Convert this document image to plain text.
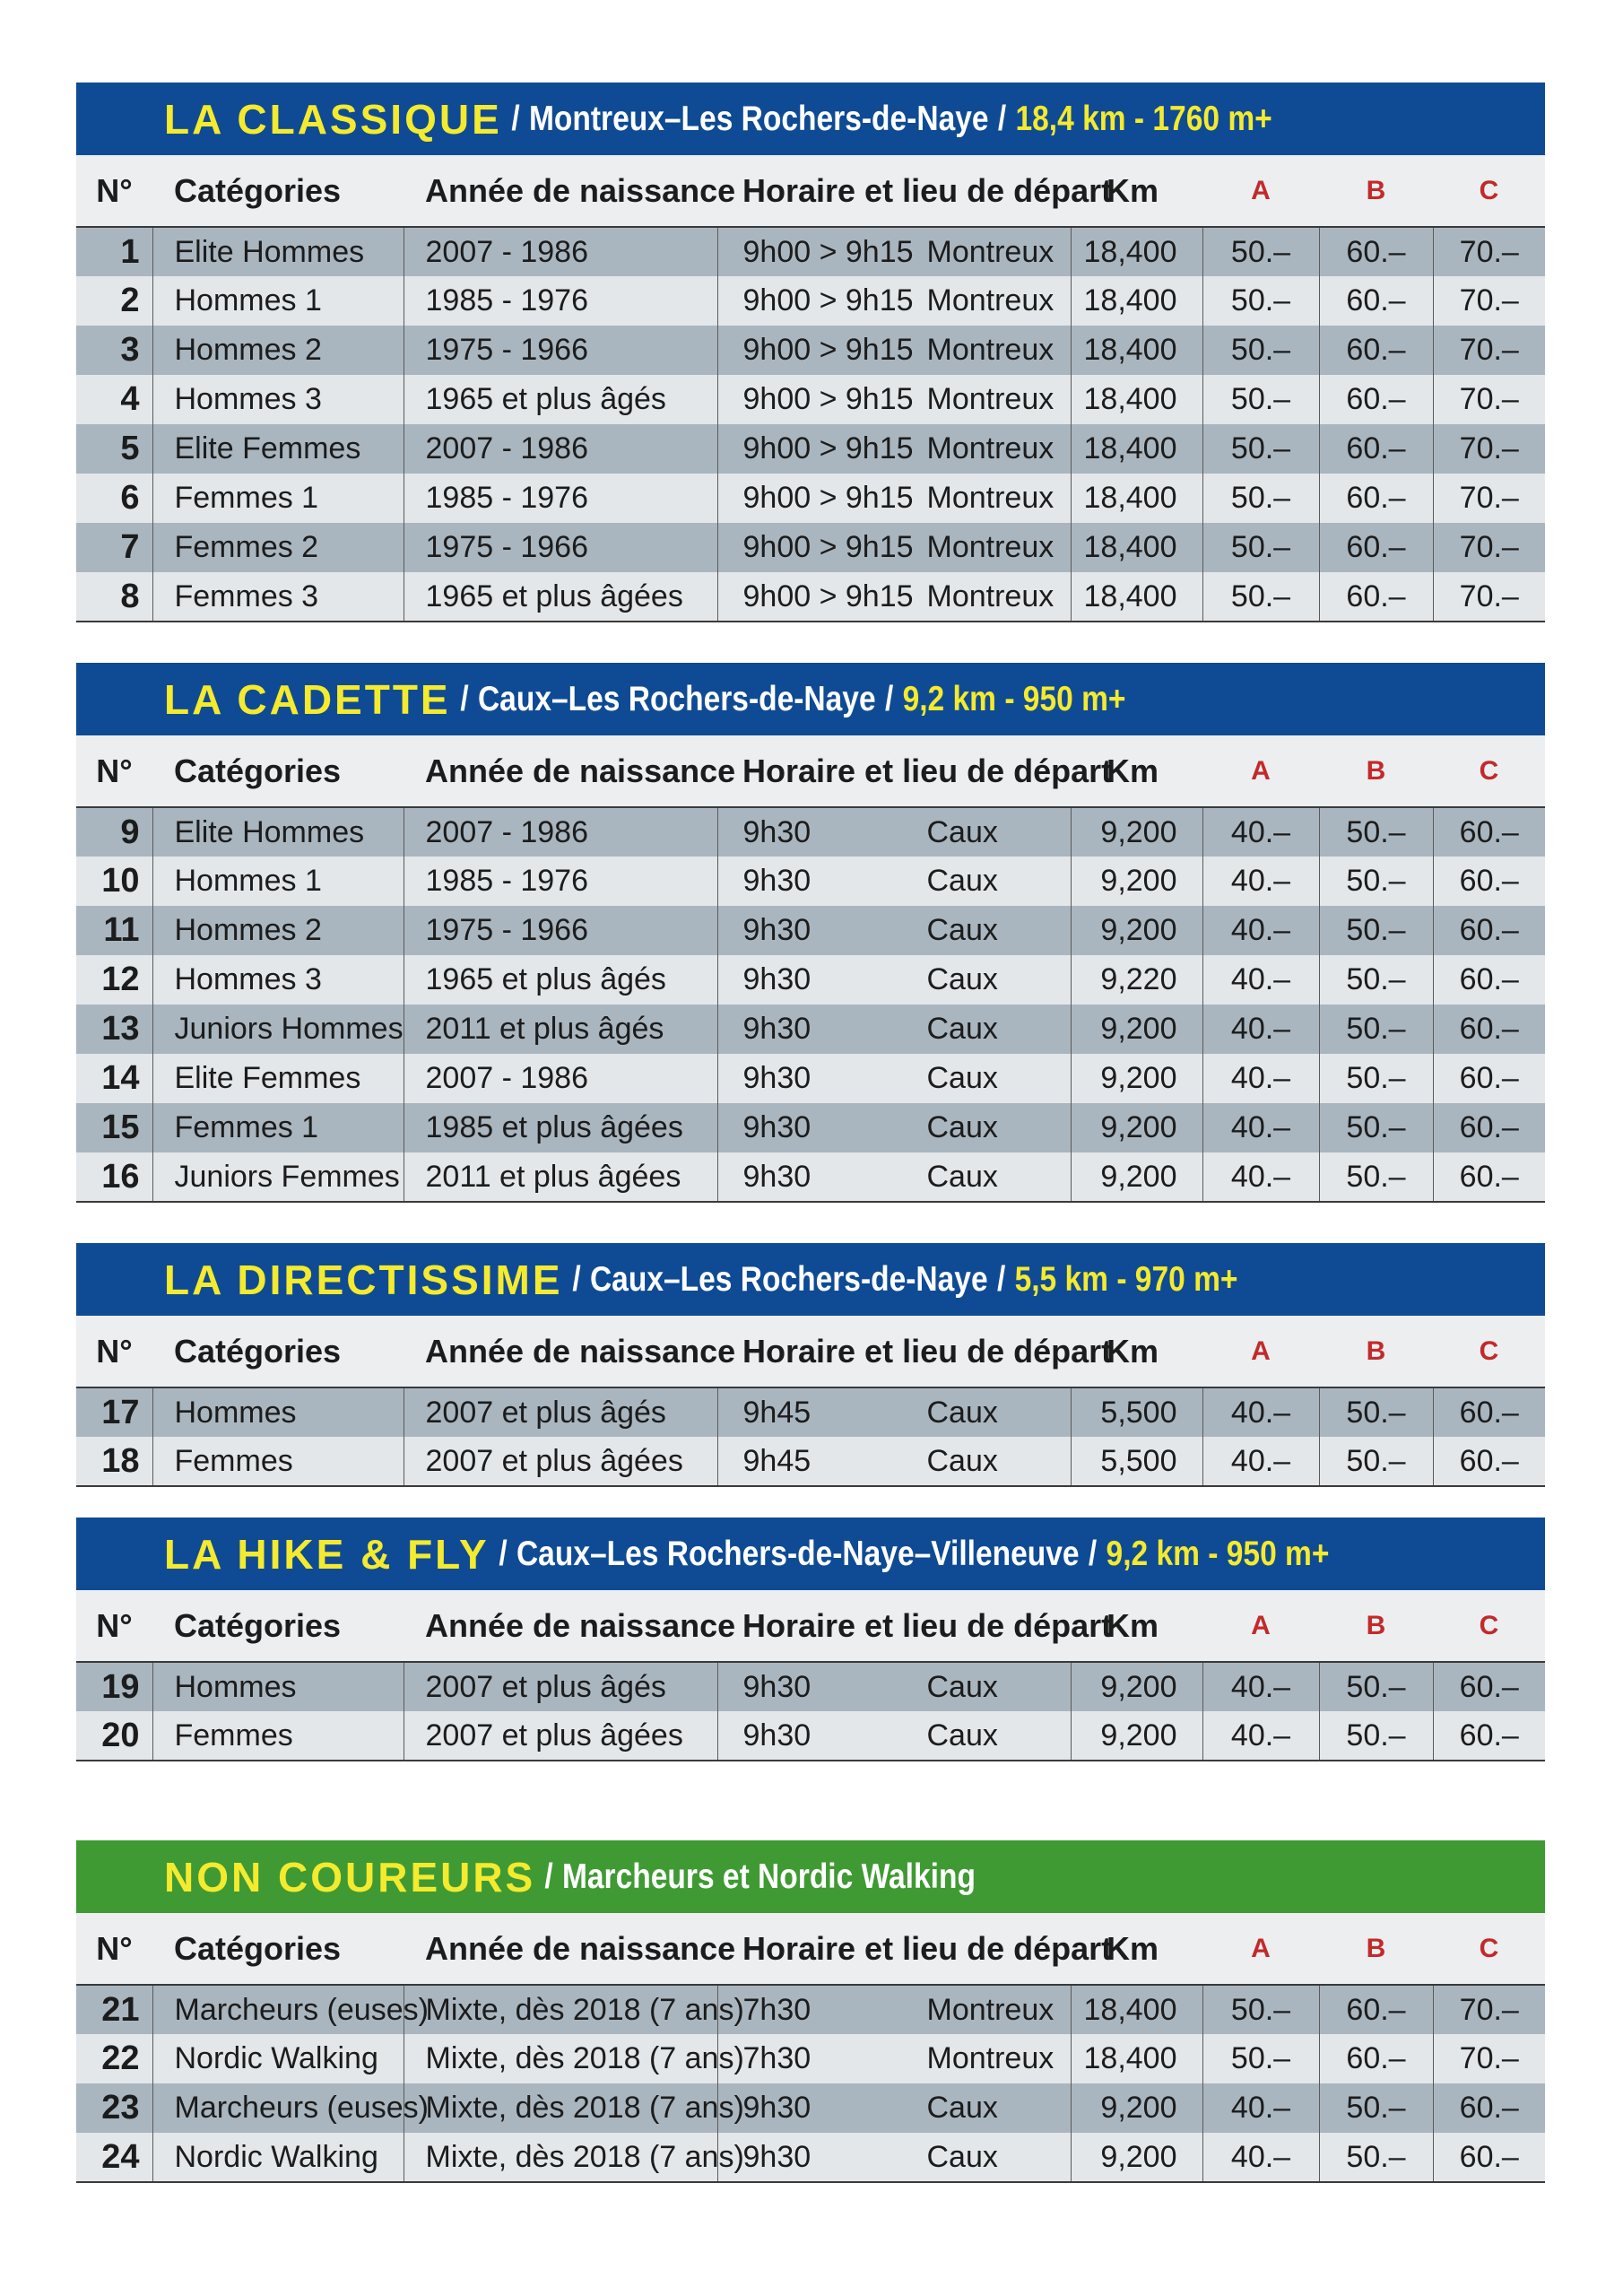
LA CLASSIQUE / Montreux–Les Rochers-de-Naye / 18,4 km - 1760 m+
N°	Catégories	Année de naissance	Horaire et lieu de départ	Km	A	B	C
1	Elite Hommes	2007 - 1986	9h00 > 9h15 Montreux	18,400	50.–	60.–	70.–
2	Hommes 1	1985 - 1976	9h00 > 9h15 Montreux	18,400	50.–	60.–	70.–
3	Hommes 2	1975 - 1966	9h00 > 9h15 Montreux	18,400	50.–	60.–	70.–
4	Hommes 3	1965 et plus âgés	9h00 > 9h15 Montreux	18,400	50.–	60.–	70.–
5	Elite Femmes	2007 - 1986	9h00 > 9h15 Montreux	18,400	50.–	60.–	70.–
6	Femmes 1	1985 - 1976	9h00 > 9h15 Montreux	18,400	50.–	60.–	70.–
7	Femmes 2	1975 - 1966	9h00 > 9h15 Montreux	18,400	50.–	60.–	70.–
8	Femmes 3	1965 et plus âgées	9h00 > 9h15 Montreux	18,400	50.–	60.–	70.–
LA CADETTE / Caux–Les Rochers-de-Naye / 9,2 km - 950 m+
N°	Catégories	Année de naissance	Horaire et lieu de départ	Km	A	B	C
9	Elite Hommes	2007 - 1986	9h30 Caux	9,200	40.–	50.–	60.–
10	Hommes 1	1985 - 1976	9h30 Caux	9,200	40.–	50.–	60.–
11	Hommes 2	1975 - 1966	9h30 Caux	9,200	40.–	50.–	60.–
12	Hommes 3	1965 et plus âgés	9h30 Caux	9,220	40.–	50.–	60.–
13	Juniors Hommes	2011 et plus âgés	9h30 Caux	9,200	40.–	50.–	60.–
14	Elite Femmes	2007 - 1986	9h30 Caux	9,200	40.–	50.–	60.–
15	Femmes 1	1985 et plus âgées	9h30 Caux	9,200	40.–	50.–	60.–
16	Juniors Femmes	2011 et plus âgées	9h30 Caux	9,200	40.–	50.–	60.–
LA DIRECTISSIME / Caux–Les Rochers-de-Naye / 5,5 km - 970 m+
N°	Catégories	Année de naissance	Horaire et lieu de départ	Km	A	B	C
17	Hommes	2007 et plus âgés	9h45 Caux	5,500	40.–	50.–	60.–
18	Femmes	2007 et plus âgées	9h45 Caux	5,500	40.–	50.–	60.–
LA HIKE & FLY / Caux–Les Rochers-de-Naye–Villeneuve / 9,2 km - 950 m+
N°	Catégories	Année de naissance	Horaire et lieu de départ	Km	A	B	C
19	Hommes	2007 et plus âgés	9h30 Caux	9,200	40.–	50.–	60.–
20	Femmes	2007 et plus âgées	9h30 Caux	9,200	40.–	50.–	60.–
NON COUREURS / Marcheurs et Nordic Walking
N°	Catégories	Année de naissance	Horaire et lieu de départ	Km	A	B	C
21	Marcheurs (euses)	Mixte, dès 2018 (7 ans)	7h30 Montreux	18,400	50.–	60.–	70.–
22	Nordic Walking	Mixte, dès 2018 (7 ans)	7h30 Montreux	18,400	50.–	60.–	70.–
23	Marcheurs (euses)	Mixte, dès 2018 (7 ans)	9h30 Caux	9,200	40.–	50.–	60.–
24	Nordic Walking	Mixte, dès 2018 (7 ans)	9h30 Caux	9,200	40.–	50.–	60.–
